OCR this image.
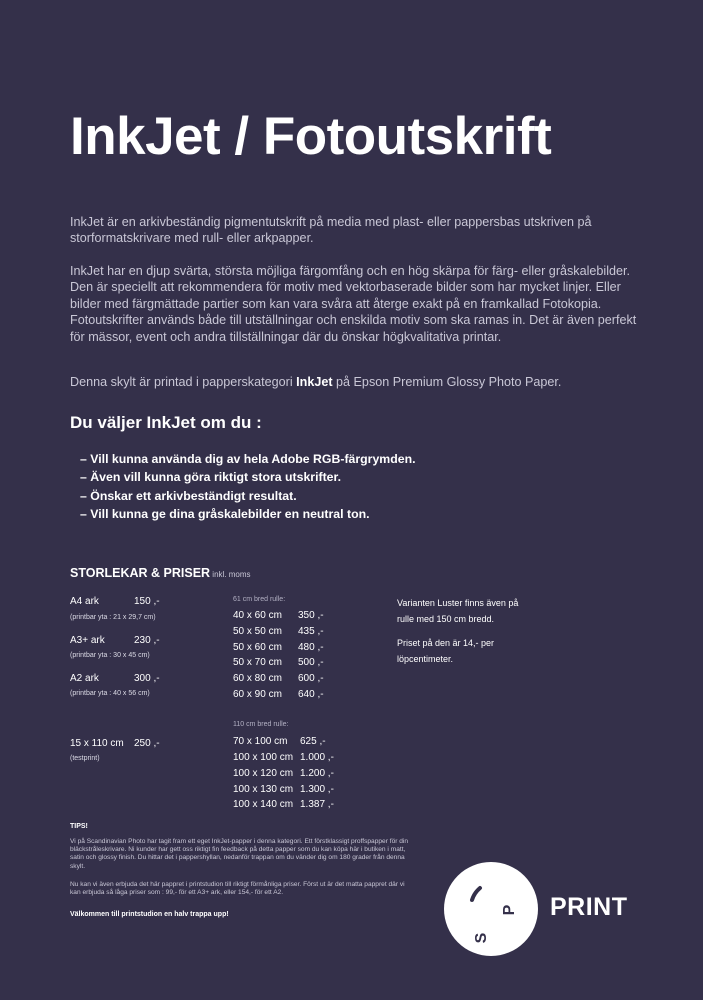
InkJet / Fotoutskrift

InkJet är en arkivbeständig pigmentutskrift på media med plast- eller pappersbas utskriven på storformatskrivare med rull- eller arkpapper.

InkJet har en djup svärta, största möjliga färgomfång och en hög skärpa för färg- eller gråskalebilder. Den är speciellt att rekommendera för motiv med vektorbaserade bilder som har mycket linjer. Eller bilder med färgmättade partier som kan vara svåra att återge exakt på en framkallad Fotokopia. Fotoutskrifter används både till utställningar och enskilda motiv som ska ramas in. Det är även perfekt för mässor, event och andra tillställningar där du önskar högkvalitativa printar.

Denna skylt är printad i papperskategori InkJet på Epson Premium Glossy Photo Paper.

Du väljer InkJet om du :
– Vill kunna använda dig av hela Adobe RGB-färgrymden.
– Även vill kunna göra riktigt stora utskrifter.
– Önskar ett arkivbeständigt resultat.
– Vill kunna ge dina gråskalebilder en neutral ton.
STORLEKAR & PRISER inkl. moms
A4 ark	150 ,-
(printbar yta : 21 x 29,7 cm)
A3+ ark	230 ,-
(printbar yta : 30 x 45 cm)
A2 ark	300 ,-
(printbar yta : 40 x 56 cm)
15 x 110 cm 250 ,-
(testprint)
61 cm bred rulle:
40 x 60 cm 350 ,-
50 x 50 cm 435 ,-
50 x 60 cm 480 ,-
50 x 70 cm 500 ,-
60 x 80 cm 600 ,-
60 x 90 cm 640 ,-
110 cm bred rulle:
70 x 100 cm 625 ,-
100 x 100 cm 1.000 ,-
100 x 120 cm 1.200 ,-
100 x 130 cm 1.300 ,-
100 x 140 cm 1.387 ,-
Varianten Luster finns även på rulle med 150 cm bredd.
Priset på den är 14,- per löpcentimeter.
TIPS!

Vi på Scandinavian Photo har tagit fram ett eget InkJet-papper i denna kategori. Ett förstklassigt proffspapper för din bläckstråleskrivare. Ni kunder har gett oss riktigt fin feedback på detta papper som du kan köpa här i butiken i matt, satin och glossy finish. Du hittar det i pappershyllan, nedanför trappan om du vänder dig om 180 grader från denna skylt.

Nu kan vi även erbjuda det här pappret i printstudion till riktigt förmånliga priser. Först ut är det matta pappret där vi kan erbjuda så låga priser som : 99,- för ett A3+ ark, eller 154,- för ett A2.

Välkommen till printstudion en halv trappa upp!
S
P PRINT
